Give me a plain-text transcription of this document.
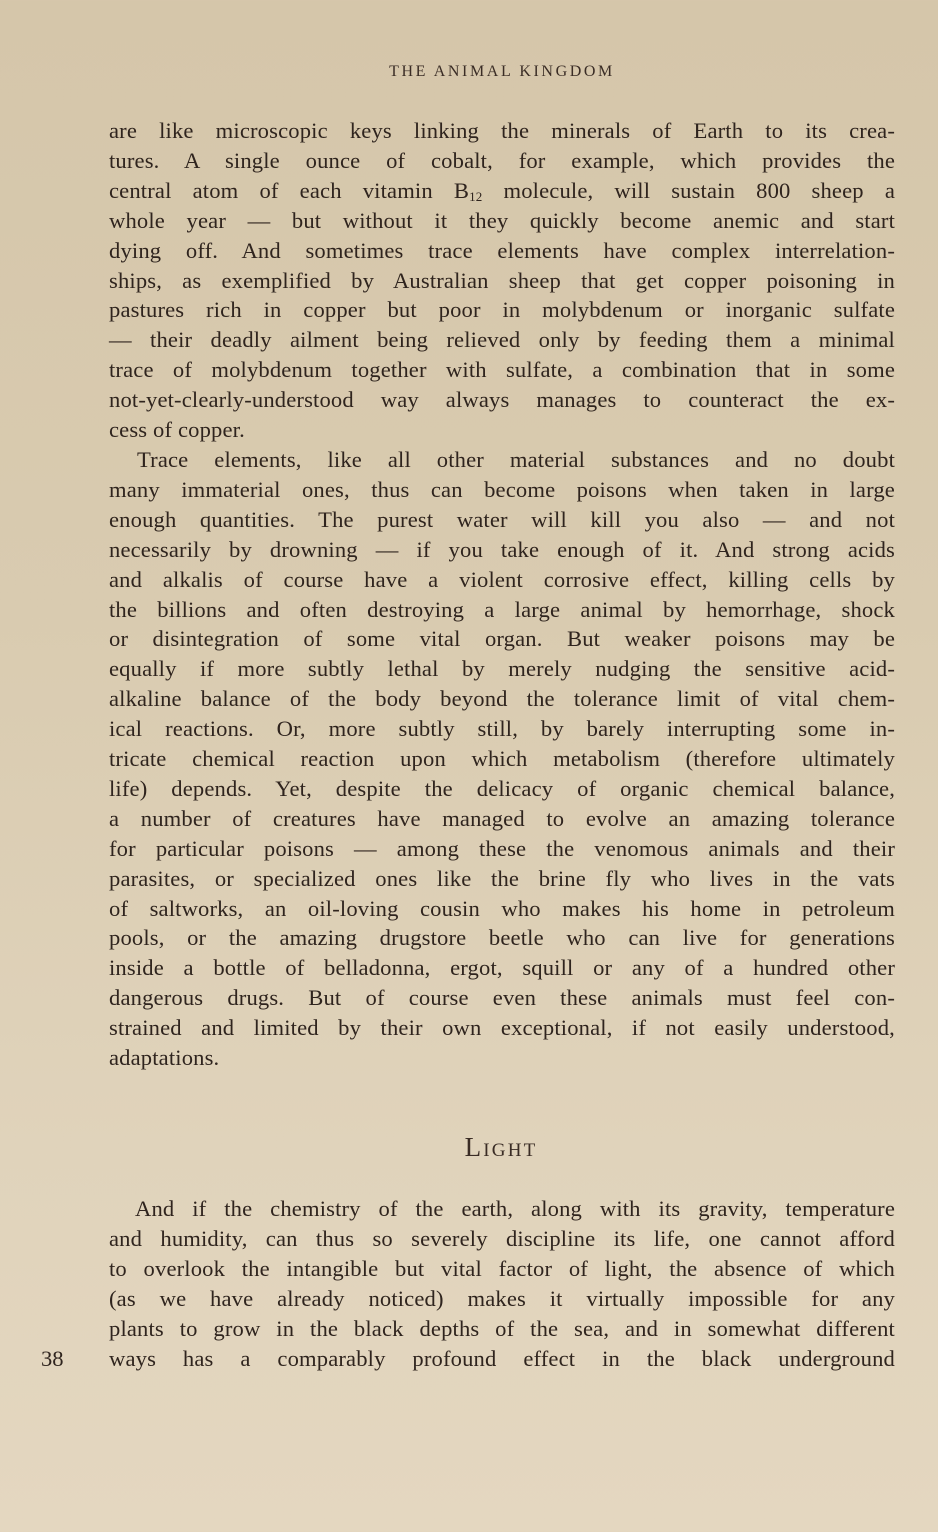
THE ANIMAL KINGDOM
are like microscopic keys linking the minerals of Earth to its crea-
tures. A single ounce of cobalt, for example, which provides the
central atom of each vitamin $B_{12}$ molecule, will sustain 800 sheep a
whole year — but without it they quickly become anemic and start
dying off. And sometimes trace elements have complex interrelation-
ships, as exemplified by Australian sheep that get copper poisoning in
pastures rich in copper but poor in molybdenum or inorganic sulfate
— their deadly ailment being relieved only by feeding them a minimal
trace of molybdenum together with sulfate, a combination that in some
not-yet-clearly-understood way always manages to counteract the ex-
cess of copper.
Trace elements, like all other material substances and no doubt
many immaterial ones, thus can become poisons when taken in large
enough quantities. The purest water will kill you also — and not
necessarily by drowning — if you take enough of it. And strong acids
and alkalis of course have a violent corrosive effect, killing cells by
the billions and often destroying a large animal by hemorrhage, shock
or disintegration of some vital organ. But weaker poisons may be
equally if more subtly lethal by merely nudging the sensitive acid-
alkaline balance of the body beyond the tolerance limit of vital chem-
ical reactions. Or, more subtly still, by barely interrupting some in-
tricate chemical reaction upon which metabolism (therefore ultimately
life) depends. Yet, despite the delicacy of organic chemical balance,
a number of creatures have managed to evolve an amazing tolerance
for particular poisons — among these the venomous animals and their
parasites, or specialized ones like the brine fly who lives in the vats
of saltworks, an oil-loving cousin who makes his home in petroleum
pools, or the amazing drugstore beetle who can live for generations
inside a bottle of belladonna, ergot, squill or any of a hundred other
dangerous drugs. But of course even these animals must feel con-
strained and limited by their own exceptional, if not easily understood,
adaptations.
Light
And if the chemistry of the earth, along with its gravity, temperature
and humidity, can thus so severely discipline its life, one cannot afford
to overlook the intangible but vital factor of light, the absence of which
(as we have already noticed) makes it virtually impossible for any
plants to grow in the black depths of the sea, and in somewhat different
ways has a comparably profound effect in the black underground
38
